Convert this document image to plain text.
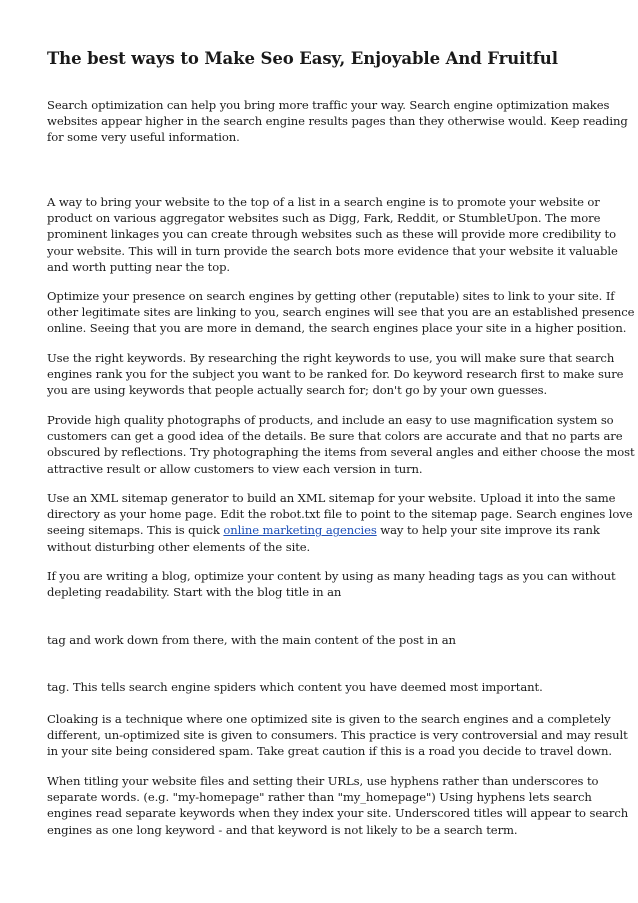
The best ways to Make Seo Easy, Enjoyable And Fruitful

Search optimization can help you bring more traffic your way. Search engine optimization makes
websites appear higher in the search engine results pages than they otherwise would. Keep reading
for some very useful information.

A way to bring your website to the top of a list in a search engine is to promote your website or
product on various aggregator websites such as Digg, Fark, Reddit, or StumbleUpon. The more
prominent linkages you can create through websites such as these will provide more credibility to
your website. This will in turn provide the search bots more evidence that your website it valuable
and worth putting near the top.

Optimize your presence on search engines by getting other (reputable) sites to link to your site. If
other legitimate sites are linking to you, search engines will see that you are an established presence
online. Seeing that you are more in demand, the search engines place your site in a higher position.

Use the right keywords. By researching the right keywords to use, you will make sure that search
engines rank you for the subject you want to be ranked for. Do keyword research first to make sure
you are using keywords that people actually search for; don't go by your own guesses.

Provide high quality photographs of products, and include an easy to use magnification system so
customers can get a good idea of the details. Be sure that colors are accurate and that no parts are
obscured by reflections. Try photographing the items from several angles and either choose the most
attractive result or allow customers to view each version in turn.

Use an XML sitemap generator to build an XML sitemap for your website. Upload it into the same
directory as your home page. Edit the robot.txt file to point to the sitemap page. Search engines love
seeing sitemaps. This is quick online marketing agencies way to help your site improve its rank
without disturbing other elements of the site.

If you are writing a blog, optimize your content by using as many heading tags as you can without
depleting readability. Start with the blog title in an

tag and work down from there, with the main content of the post in an

tag. This tells search engine spiders which content you have deemed most important.

Cloaking is a technique where one optimized site is given to the search engines and a completely
different, un-optimized site is given to consumers. This practice is very controversial and may result
in your site being considered spam. Take great caution if this is a road you decide to travel down.

When titling your website files and setting their URLs, use hyphens rather than underscores to
separate words. (e.g. "my-homepage" rather than "my_homepage") Using hyphens lets search
engines read separate keywords when they index your site. Underscored titles will appear to search
engines as one long keyword - and that keyword is not likely to be a search term.
